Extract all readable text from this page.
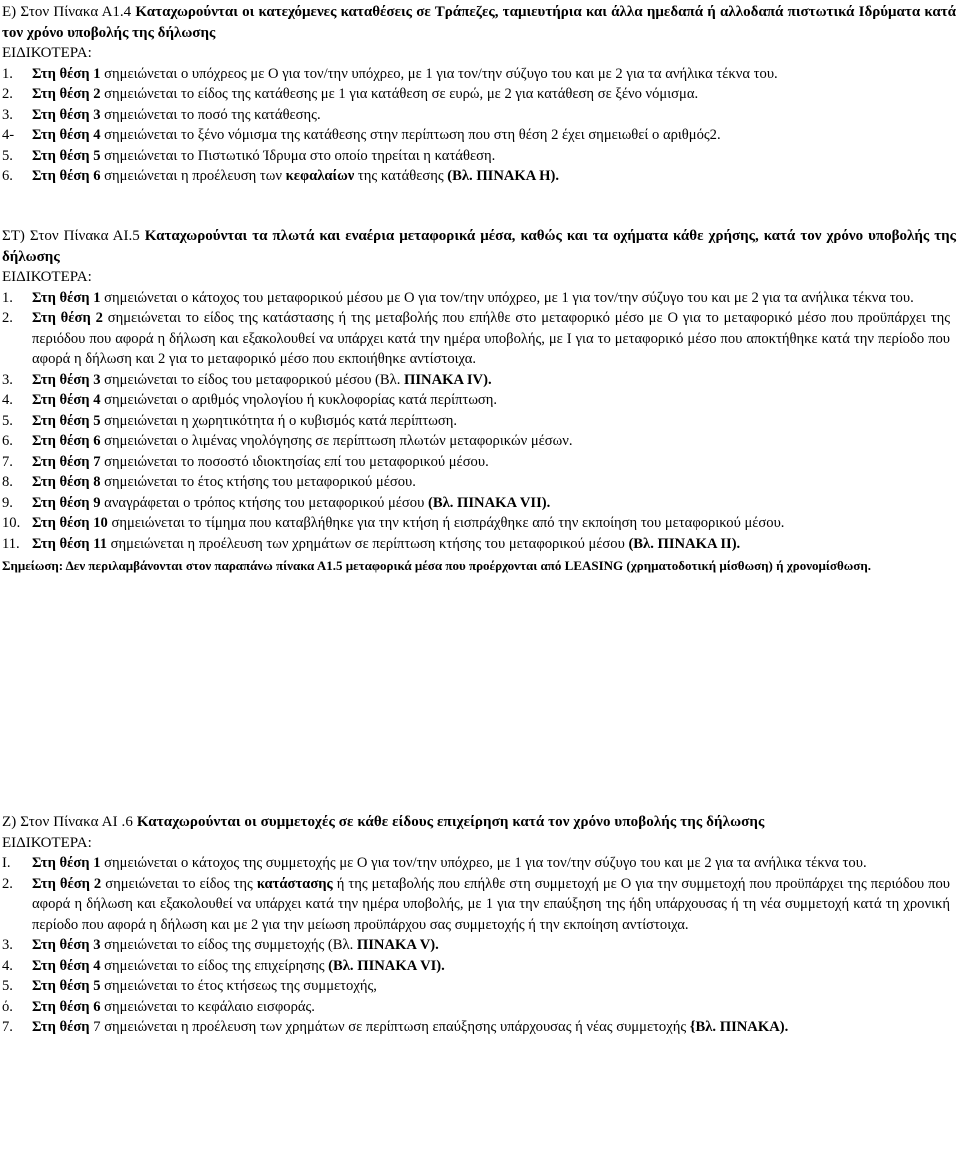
Ε) Στον Πίνακα Α1.4 Καταχωρούνται οι κατεχόμενες καταθέσεις σε Τράπεζες, ταμιευτήρια και άλλα ημεδαπά ή αλλοδαπά πιστωτικά Ιδρύματα κατά τον χρόνο υποβολής της δήλωσης

ΕΙΔΙΚΟΤΕΡΑ:

1.	Στη θέση 1 σημειώνεται ο υπόχρεος με Ο για τον/την υπόχρεο, με 1 για τον/την σύζυγο του και με 2 για τα ανήλικα τέκνα του.
2.	Στη θέση 2 σημειώνεται το είδος της κατάθεσης με 1 για κατάθεση σε ευρώ, με 2 για κατάθεση σε ξένο νόμισμα.
3.	Στη θέση 3 σημειώνεται το ποσό της κατάθεσης.
4-	Στη θέση 4 σημειώνεται το ξένο νόμισμα της κατάθεσης στην περίπτωση που στη θέση 2 έχει σημειωθεί ο αριθμός2.
5.	Στη θέση 5 σημειώνεται το Πιστωτικό Ίδρυμα στο οποίο τηρείται η κατάθεση.
6.	Στη θέση 6 σημειώνεται η προέλευση των κεφαλαίων της κατάθεσης (Βλ. ΠΙΝΑΚΑ Η).

ΣΤ) Στον Πίνακα ΑΙ.5 Καταχωρούνται τα πλωτά και εναέρια μεταφορικά μέσα, καθώς και τα οχήματα κάθε χρήσης, κατά τον χρόνο υποβολής της δήλωσης

ΕΙΔΙΚΟΤΕΡΑ:

1.	Στη θέση 1 σημειώνεται ο κάτοχος του μεταφορικού μέσου με Ο για τον/την υπόχρεο, με 1 για τον/την σύζυγο του και με 2 για τα ανήλικα τέκνα του.
2.	Στη θέση 2 σημειώνεται το είδος της κατάστασης ή της μεταβολής που επήλθε στο μεταφορικό μέσο με Ο για το μεταφορικό μέσο που προϋπάρχει της περιόδου που αφορά η δήλωση και εξακολουθεί να υπάρχει κατά την ημέρα υποβολής, με Ι για το μεταφορικό μέσο που αποκτήθηκε κατά την περίοδο που αφορά η δήλωση και 2 για το μεταφορικό μέσο που εκποιήθηκε αντίστοιχα.
3.	Στη θέση 3 σημειώνεται το είδος του μεταφορικού μέσου (Βλ. ΠΙΝΑΚΑ IV).
4.	Στη θέση 4 σημειώνεται ο αριθμός νηολογίου ή κυκλοφορίας κατά περίπτωση.
5.	Στη θέση 5 σημειώνεται η χωρητικότητα ή ο κυβισμός κατά περίπτωση.
6.	Στη θέση 6 σημειώνεται ο λιμένας νηολόγησης σε περίπτωση πλωτών μεταφορικών μέσων.
7.	Στη θέση 7 σημειώνεται το ποσοστό ιδιοκτησίας επί του μεταφορικού μέσου.
8.	Στη θέση 8 σημειώνεται το έτος κτήσης του μεταφορικού μέσου.
9.	Στη θέση 9 αναγράφεται ο τρόπος κτήσης του μεταφορικού μέσου (Βλ. ΠΙΝΑΚΑ VII).
10. Στη θέση 10 σημειώνεται το τίμημα που καταβλήθηκε για την κτήση ή εισπράχθηκε από την εκποίηση του μεταφορικού μέσου.
11. Στη θέση 11 σημειώνεται η προέλευση των χρημάτων σε περίπτωση κτήσης του μεταφορικού μέσου (Βλ. ΠΙΝΑΚΑ ΙΙ).

Σημείωση: Δεν περιλαμβάνονται στον παραπάνω πίνακα Α1.5 μεταφορικά μέσα που προέρχονται από LEASING (χρηματοδοτική μίσθωση) ή χρονομίσθωση.

Ζ) Στον Πίνακα ΑΙ .6 Καταχωρούνται οι συμμετοχές σε κάθε είδους επιχείρηση κατά τον χρόνο υποβολής της δήλωσης

ΕΙΔΙΚΟΤΕΡΑ:

I.	Στη θέση 1 σημειώνεται ο κάτοχος της συμμετοχής με Ο για τον/την υπόχρεο, με 1 για τον/την σύζυγο του και με 2 για τα ανήλικα τέκνα του.
2.	Στη θέση 2 σημειώνεται το είδος της κατάστασης ή της μεταβολής που επήλθε στη συμμετοχή με Ο για την συμμετοχή που προϋπάρχει της περιόδου που αφορά η δήλωση και εξακολουθεί να υπάρχει κατά την ημέρα υποβολής, με 1 για την επαύξηση της ήδη υπάρχουσας ή τη νέα συμμετοχή κατά τη χρονική περίοδο που αφορά η δήλωση και με 2 για την μείωση προϋπάρχου σας συμμετοχής ή την εκποίηση αντίστοιχα.
3.	Στη θέση 3 σημειώνεται το είδος της συμμετοχής (Βλ. ΠΙΝΑΚΑ V).
4.	Στη θέση 4 σημειώνεται το είδος της επιχείρησης (Βλ. ΠΙΝΑΚΑ VI).
5.	Στη θέση 5 σημειώνεται το έτος κτήσεως της συμμετοχής,
ό.	Στη θέση 6 σημειώνεται το κεφάλαιο εισφοράς.
7.	Στη θέση 7 σημειώνεται η προέλευση των χρημάτων σε περίπτωση επαύξησης υπάρχουσας ή νέας συμμετοχής {Βλ. ΠΙΝΑΚΑ).
